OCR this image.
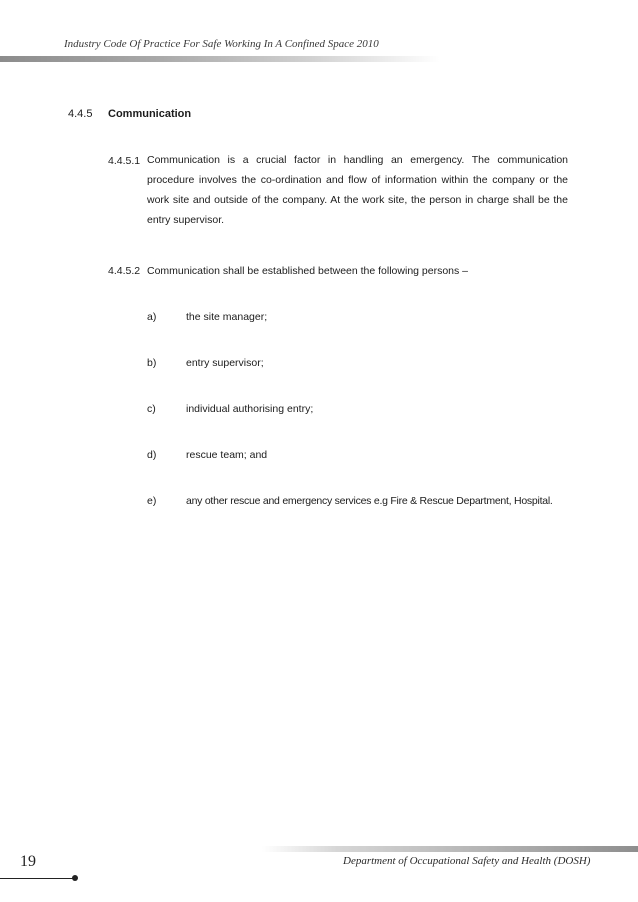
Industry Code Of Practice For Safe Working In A Confined Space 2010
4.4.5 Communication
4.4.5.1 Communication is a crucial factor in handling an emergency. The communication procedure involves the co-ordination and flow of information within the company or the work site and outside of the company. At the work site, the person in charge shall be the entry supervisor.
4.4.5.2 Communication shall be established between the following persons –
a)	the site manager;
b)	entry supervisor;
c)	individual authorising entry;
d)	rescue team; and
e)	any other rescue and emergency services e.g Fire & Rescue Department, Hospital.
19	Department of Occupational Safety and Health (DOSH)
